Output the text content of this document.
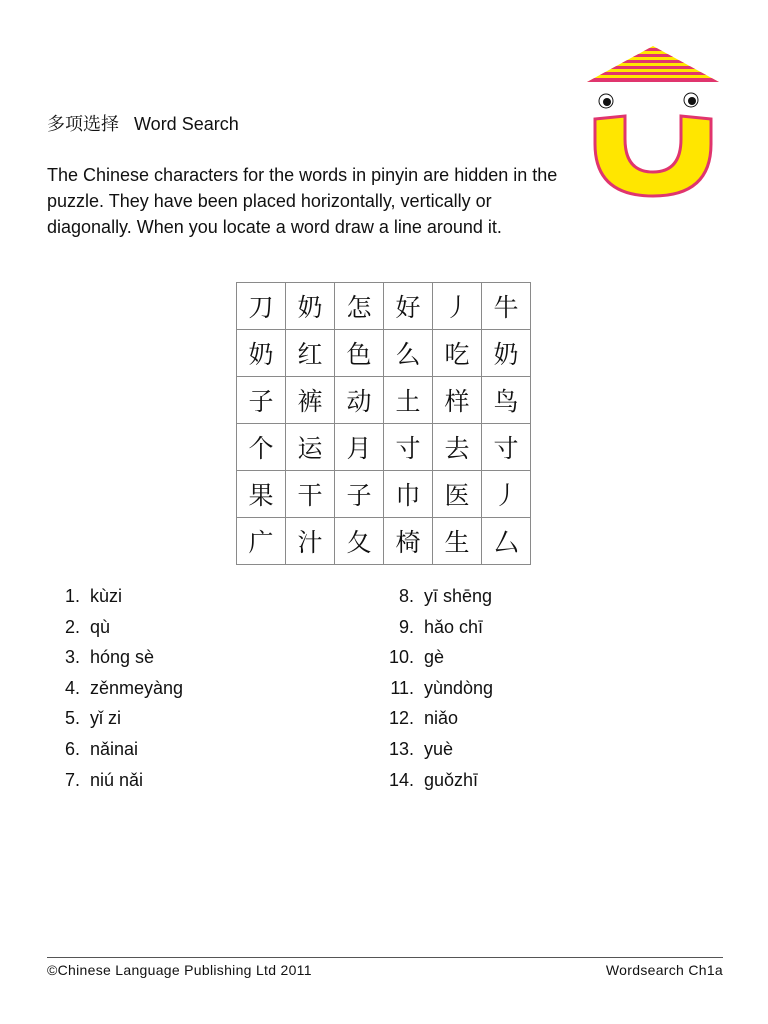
多项选择 Word Search

The Chinese characters for the words in pinyin are hidden in the puzzle. They have been placed horizontally, vertically or diagonally. When you locate a word draw a line around it.

刀	奶	怎	好	丿	牛
奶	红	色	么	吃	奶
子	裤	动	土	样	鸟
个	运	月	寸	去	寸
果	干	子	巾	医	丿
广	汁	夂	椅	生	厶
1. kùzi
2. qù
3. hóng sè
4. zěnmeyàng
5. yǐ zi
6. nǎinai
7. niú nǎi
8. yī shēng
9. hǎo chī
10. gè
11. yùndòng
12. niǎo
13. yuè
14. guǒzhī
©Chinese Language Publishing Ltd 2011	Wordsearch Ch1a
